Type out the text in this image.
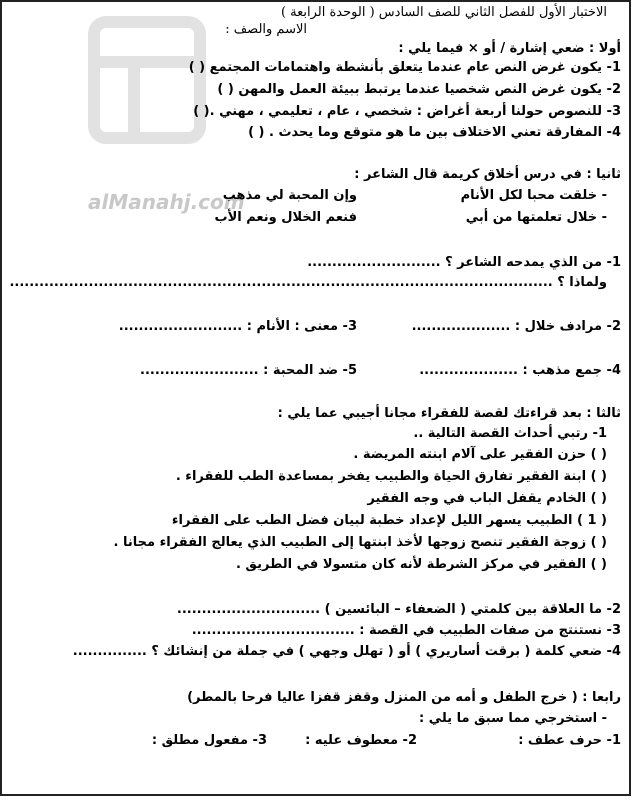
alManahj.com
الاختبار الأول للفصل الثاني للصف السادس ( الوحدة الرابعة )
الاسم والصف :
أولا : ضعي إشارة / أو × فيما يلي :
1- يكون غرض النص عام عندما يتعلق بأنشطة واهتمامات المجتمع ( )
2- يكون غرض النص شخصيا عندما يرتبط ببيئة العمل والمهن ( )
3- للنصوص حولنا أربعة أغراض : شخصي ، عام ، تعليمي ، مهني .( )
4- المفارقة تعني الاختلاف بين ما هو متوقع وما يحدث . ( )
ثانيا : في درس أخلاق كريمة قال الشاعر :
- خلقت محبا لكل الأنام
وإن المحبة لي مذهب
- خلال تعلمتها من أبي
فنعم الخلال ونعم الأب
1- من الذي يمدحه الشاعر ؟ ...........................
ولماذا ؟ ..............................................................................................................
2- مرادف خلال : ....................
3- معنى : الأنام : .........................
4- جمع مذهب : ....................
5- ضد المحبة : ........................
ثالثا : بعد قراءتك لقصة للفقراء مجانا أجيبي عما يلي :
1- رتبي أحداث القصة التالية ..
( ) حزن الفقير على آلام ابنته المريضة .
( ) ابنة الفقير تفارق الحياة والطبيب يفخر بمساعدة الطب للفقراء .
( ) الخادم يقفل الباب في وجه الفقير
( 1 ) الطبيب يسهر الليل لإعداد خطبة لبيان فضل الطب على الفقراء
( ) زوجة الفقير تنصح زوجها لأخذ ابنتها إلى الطبيب الذي يعالج الفقراء مجانا .
( ) الفقير في مركز الشرطة لأنه كان متسولا في الطريق .
2- ما العلاقة بين كلمتي ( الضعفاء – البائسين ) .............................
3- نستنتج من صفات الطبيب في القصة : .................................
4- ضعي كلمة ( برقت أساريري ) أو ( تهلل وجهي ) في جملة من إنشائك ؟ ...............
رابعا : ( خرج الطفل و أمه من المنزل وقفز قفزا عاليا فرحا بالمطر)
- استخرجي مما سبق ما يلي :
1- حرف عطف :
2- معطوف عليه :
3- مفعول مطلق :
